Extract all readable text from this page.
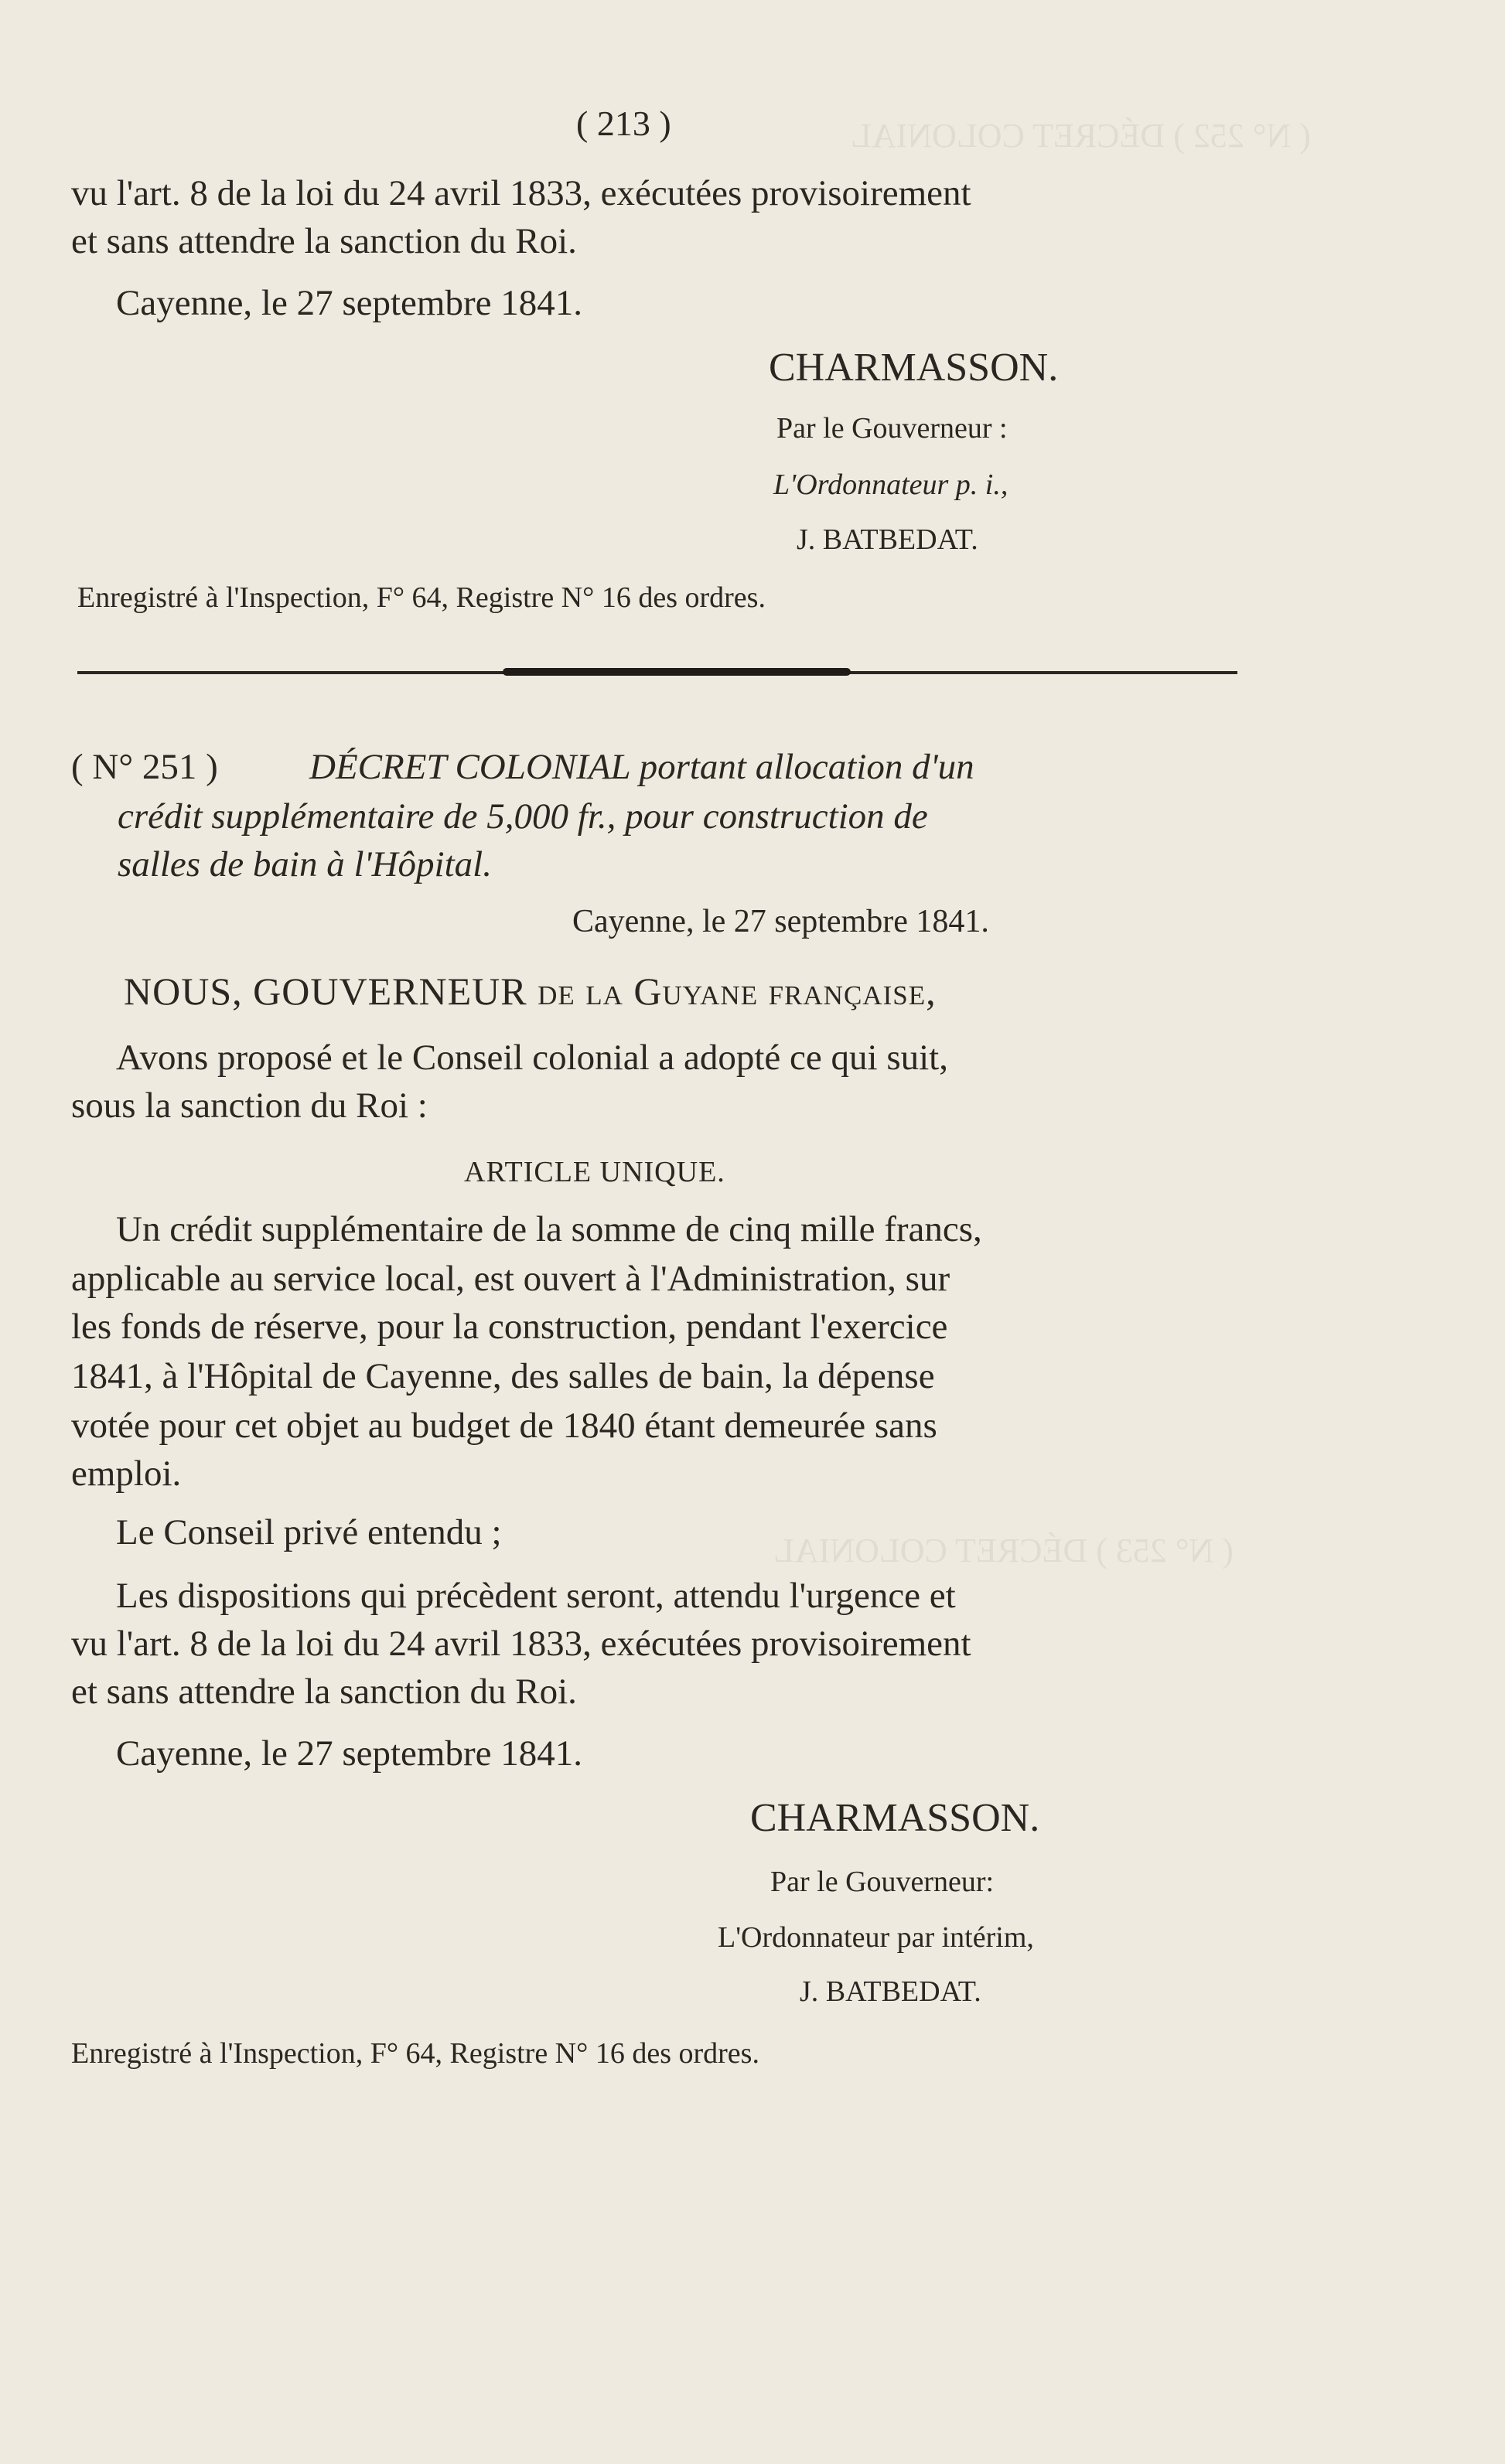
( N° 252 ) DÉCRET COLONIAL
( N° 253 ) DÉCRET COLONIAL
( 213 )
vu l'art. 8 de la loi du 24 avril 1833, exécutées provisoirement
et sans attendre la sanction du Roi.
Cayenne, le 27 septembre 1841.
CHARMASSON.
Par le Gouverneur :
L'Ordonnateur p. i.,
J. BATBEDAT.
Enregistré à l'Inspection, F° 64, Registre N° 16 des ordres.
( N° 251 )	DÉCRET COLONIAL portant allocation d'un
crédit supplémentaire de 5,000 fr., pour construction de
salles de bain à l'Hôpital.
Cayenne, le 27 septembre 1841.
NOUS, GOUVERNEUR de la Guyane française,
Avons proposé et le Conseil colonial a adopté ce qui suit,
sous la sanction du Roi :
ARTICLE UNIQUE.
Un crédit supplémentaire de la somme de cinq mille francs,
applicable au service local, est ouvert à l'Administration, sur
les fonds de réserve, pour la construction, pendant l'exercice
1841, à l'Hôpital de Cayenne, des salles de bain, la dépense
votée pour cet objet au budget de 1840 étant demeurée sans
emploi.
Le Conseil privé entendu ;
Les dispositions qui précèdent seront, attendu l'urgence et
vu l'art. 8 de la loi du 24 avril 1833, exécutées provisoirement
et sans attendre la sanction du Roi.
Cayenne, le 27 septembre 1841.
CHARMASSON.
Par le Gouverneur:
L'Ordonnateur par intérim,
J. BATBEDAT.
Enregistré à l'Inspection, F° 64, Registre N° 16 des ordres.
